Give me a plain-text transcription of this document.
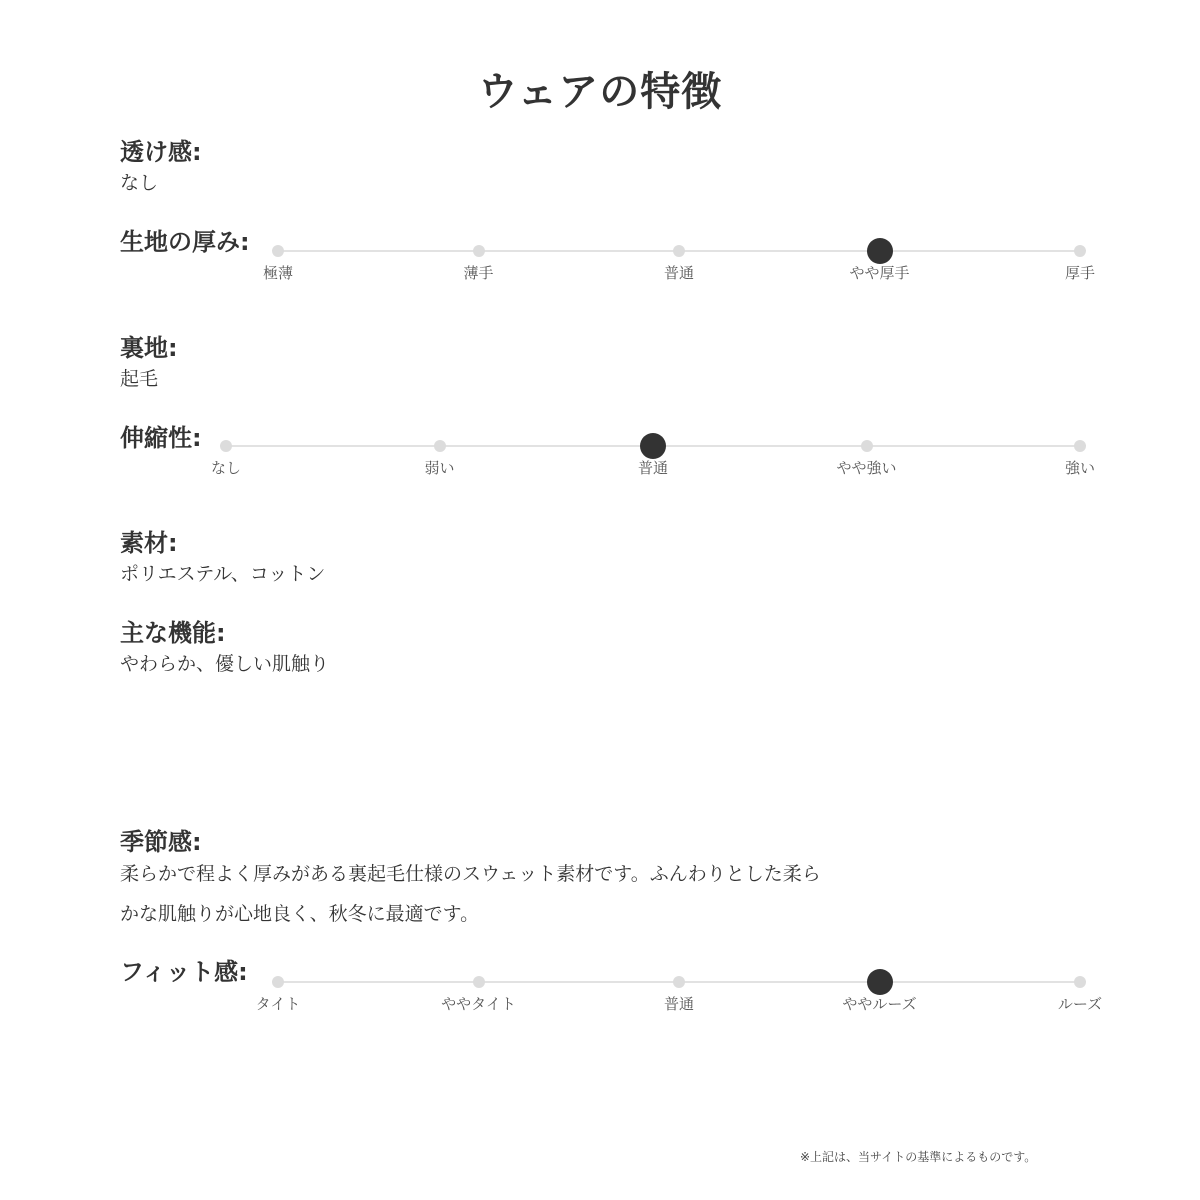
ウェアの特徴
透け感:
なし
生地の厚み:
裏地:
起毛
伸縮性:
素材:
ポリエステル、コットン
主な機能:
やわらか、優しい肌触り
季節感:
柔らかで程よく厚みがある裏起毛仕様のスウェット素材です。ふんわりとした柔ら
かな肌触りが心地良く、秋冬に最適です。
フィット感:
※上記は、当サイトの基準によるものです。
極薄	薄手	普通	やや厚手	厚手
なし	弱い	普通	やや強い	強い
タイト	ややタイト	普通	ややルーズ	ルーズ
